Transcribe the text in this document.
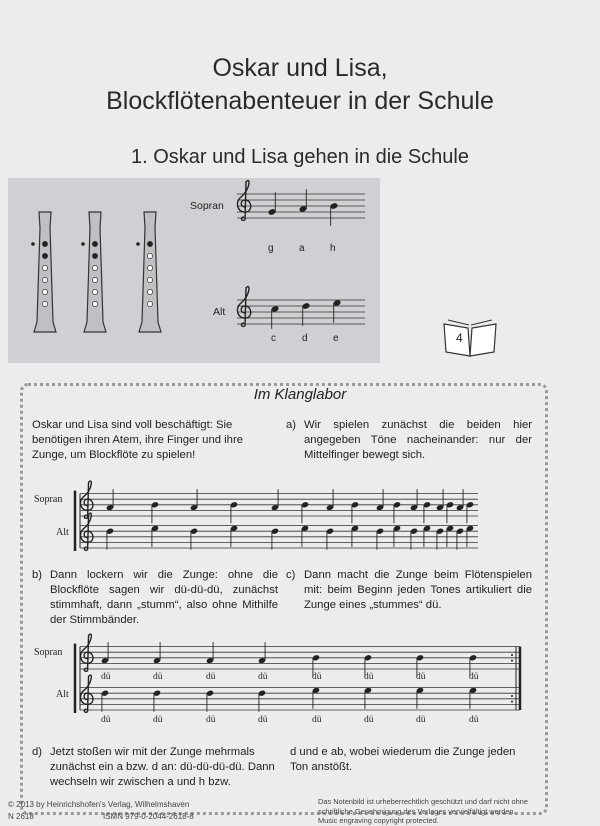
Oskar und Lisa,
Blockflötenabenteuer in der Schule
1. Oskar und Lisa gehen in die Schule
Sopran
Alt
g	a	h
c	d	e	4
Im Klanglabor
Oskar und Lisa sind voll beschäftigt: Sie benötigen ihren Atem, ihre Finger und ihre Zunge, um Blockflöte zu spielen!
a) Wir spielen zunächst die beiden hier angegeben Töne nacheinander: nur der Mittelfinger bewegt sich.
b) Dann lockern wir die Zunge: ohne die Blockflöte sagen wir dü-dü-dü, zunächst stimmhaft, dann „stumm“, also ohne Mithilfe der Stimmbänder.
c) Dann macht die Zunge beim Flötenspielen mit: beim Beginn jeden Tones artikuliert die Zunge eines „stummes“ dü.
d) Jetzt stoßen wir mit der Zunge mehrmals zunächst ein a bzw. d an: dü-dü-dü-dü. Dann wechseln wir zwischen a und h bzw.
d und e ab, wobei wiederum die Zunge jeden Ton anstößt.
Sopran
Alt
Sopran
Alt
dü	dü	dü	dü	dü	dü	dü	dü
dü	dü	dü	dü	dü	dü	dü	dü
© 2013 by Heinrichshofen's Verlag, Wilhelmshaven
N 2618	ISMN 979-0-2044-2618-8
Das Notenbild ist urheberrechtlich geschützt und darf nicht ohne
schriftliche Genehmigung des Verlages vervielfältigt werden.
Music engraving copyright protected.
